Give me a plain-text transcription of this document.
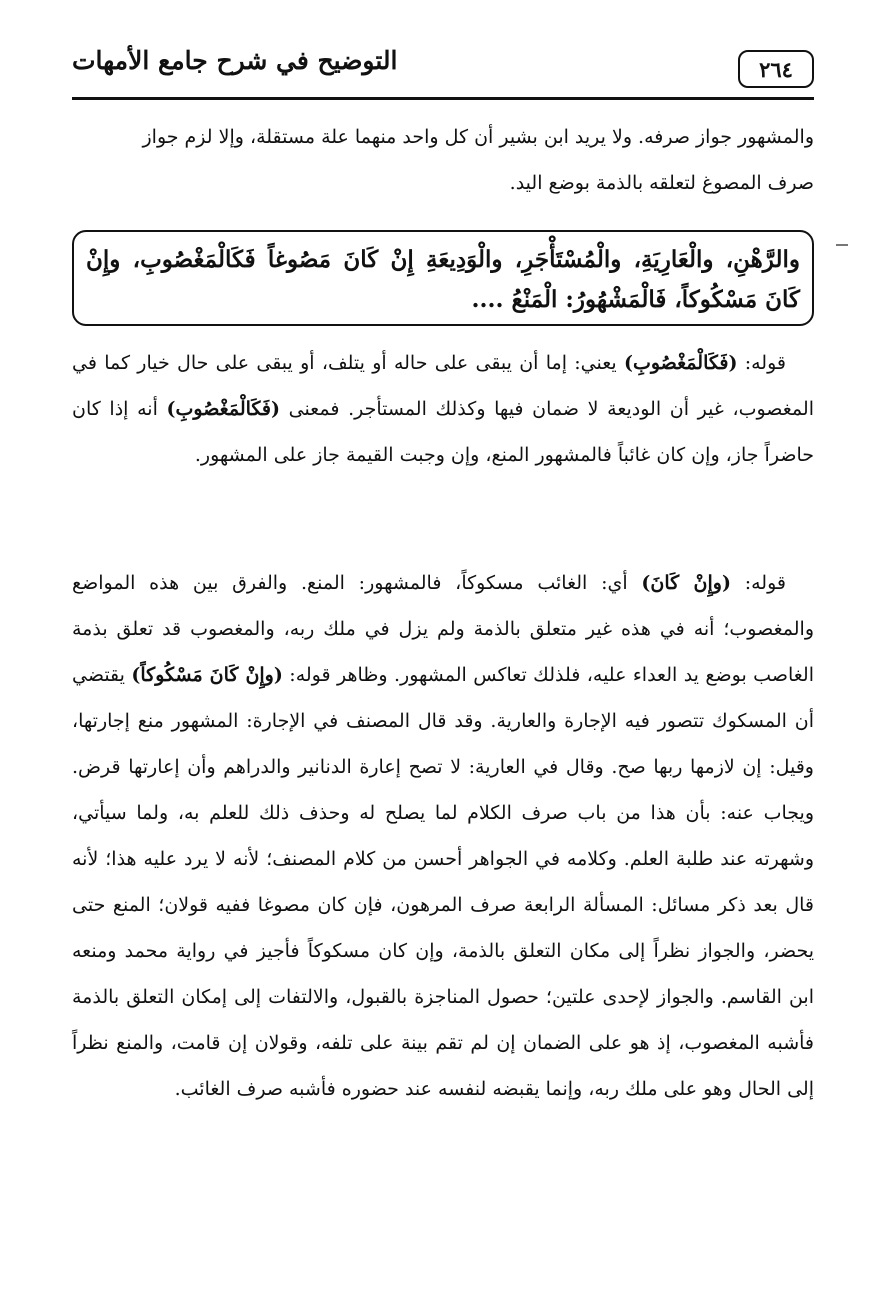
٢٦٤
التوضيح في شرح جامع الأمهات

والمشهور جواز صرفه. ولا يريد ابن بشير أن كل واحد منهما علة مستقلة، وإلا لزم جواز

صرف المصوغ لتعلقه بالذمة بوضع اليد.

والرَّهْنِ، والْعَارِيَةِ، والْمُسْتَأْجَرِ، والْوَدِيعَةِ إِنْ كَانَ مَصُوغاً فَكَالْمَغْصُوبِ، وإِنْ كَانَ مَسْكُوكاً، فَالْمَشْهُورُ: الْمَنْعُ ....

قوله: (فَكَالْمَغْصُوبِ) يعني: إما أن يبقى على حاله أو يتلف، أو يبقى على حال خيار كما في المغصوب، غير أن الوديعة لا ضمان فيها وكذلك المستأجر. فمعنى (فَكَالْمَغْصُوبِ) أنه إذا كان حاضراً جاز، وإن كان غائباً فالمشهور المنع، وإن وجبت القيمة جاز على المشهور.

قوله: (وإِنْ كَانَ) أي: الغائب مسكوكاً، فالمشهور: المنع. والفرق بين هذه المواضع والمغصوب؛ أنه في هذه غير متعلق بالذمة ولم يزل في ملك ربه، والمغصوب قد تعلق بذمة الغاصب بوضع يد العداء عليه، فلذلك تعاكس المشهور. وظاهر قوله: (وإِنْ كَانَ مَسْكُوكاً) يقتضي أن المسكوك تتصور فيه الإجارة والعارية. وقد قال المصنف في الإجارة: المشهور منع إجارتها، وقيل: إن لازمها ربها صح. وقال في العارية: لا تصح إعارة الدنانير والدراهم وأن إعارتها قرض. ويجاب عنه: بأن هذا من باب صرف الكلام لما يصلح له وحذف ذلك للعلم به، ولما سيأتي، وشهرته عند طلبة العلم. وكلامه في الجواهر أحسن من كلام المصنف؛ لأنه لا يرد عليه هذا؛ لأنه قال بعد ذكر مسائل: المسألة الرابعة صرف المرهون، فإن كان مصوغا ففيه قولان؛ المنع حتى يحضر، والجواز نظراً إلى مكان التعلق بالذمة، وإن كان مسكوكاً فأجيز في رواية محمد ومنعه ابن القاسم. والجواز لإحدى علتين؛ حصول المناجزة بالقبول، والالتفات إلى إمكان التعلق بالذمة فأشبه المغصوب، إذ هو على الضمان إن لم تقم بينة على تلفه، وقولان إن قامت، والمنع نظراً إلى الحال وهو على ملك ربه، وإنما يقبضه لنفسه عند حضوره فأشبه صرف الغائب.
